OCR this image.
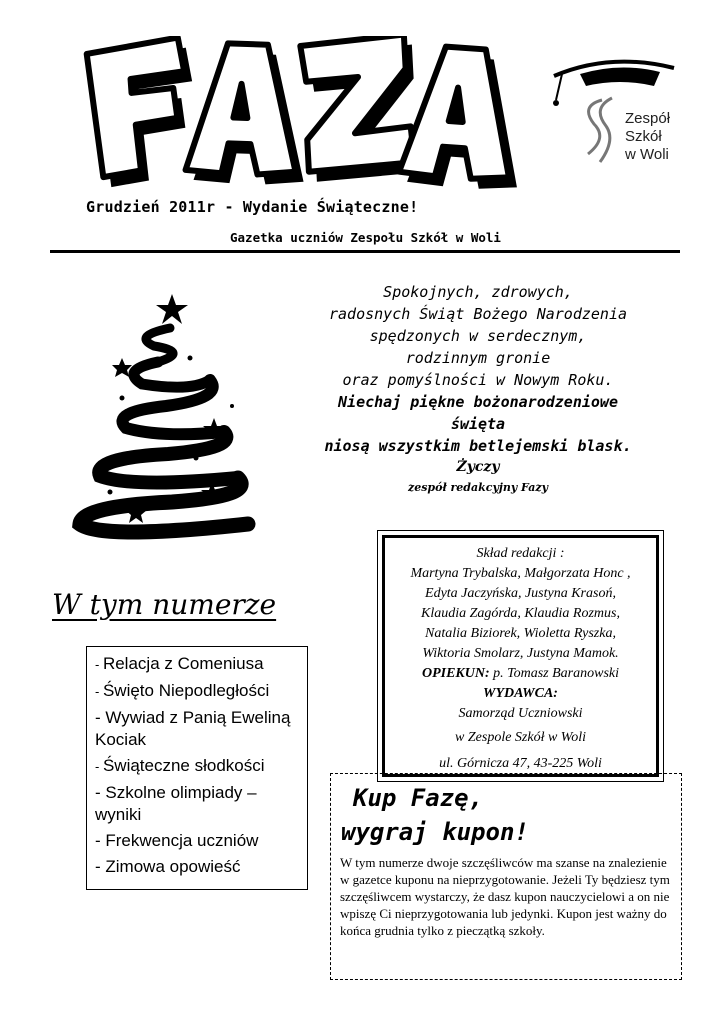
Zespół
Szkół
w Woli
Grudzień 2011r - Wydanie Świąteczne!
Gazetka uczniów Zespołu Szkół w Woli
Spokojnych, zdrowych,
radosnych Świąt Bożego Narodzenia
spędzonych w serdecznym,
rodzinnym gronie
oraz pomyślności w Nowym Roku.
Niechaj piękne bożonarodzeniowe
święta
niosą wszystkim betlejemski blask.
Życzy
zespół redakcyjny Fazy
Skład redakcji :
Martyna Trybalska, Małgorzata Honc ,
Edyta Jaczyńska, Justyna Krasoń,
Klaudia Zagórda, Klaudia Rozmus,
Natalia Biziorek, Wioletta Ryszka,
Wiktoria Smolarz, Justyna Mamok.
OPIEKUN: p. Tomasz Baranowski
WYDAWCA:
Samorząd Uczniowski
w Zespole Szkół w Woli
ul. Górnicza 47, 43-225 Woli
W tym numerze
- Relacja z Comeniusa
- Święto Niepodległości
- Wywiad z Panią Eweliną Kociak
- Świąteczne słodkości
- Szkolne olimpiady – wyniki
- Frekwencja uczniów
- Zimowa opowieść
Kup Fazę,
wygraj kupon!
W tym numerze dwoje szczęśliwców ma szanse na znalezienie w gazetce kuponu na nieprzygotowanie. Jeżeli Ty będziesz tym szczęśliwcem wystarczy, że dasz kupon nauczycielowi a on nie wpiszę Ci nieprzygotowania lub jedynki. Kupon jest ważny do końca grudnia tylko z pieczątką szkoły.
